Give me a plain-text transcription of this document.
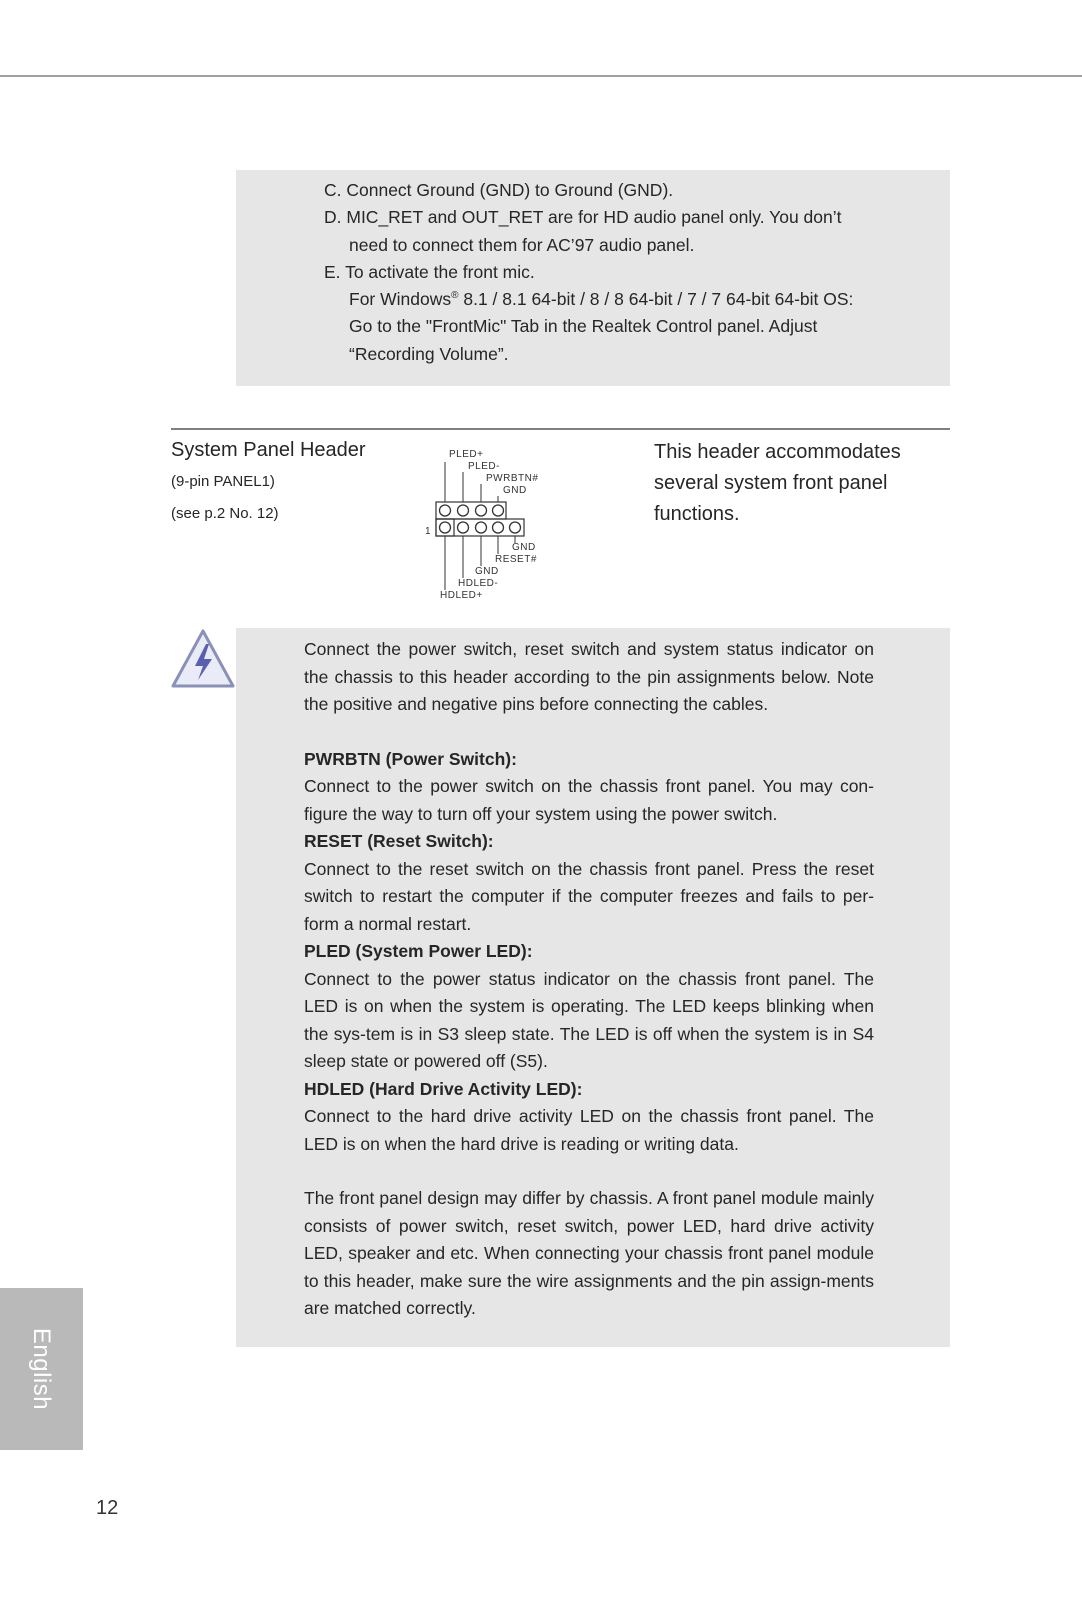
C. Connect Ground (GND) to Ground (GND).
D. MIC_RET and OUT_RET are for HD audio panel only. You don’t
need to connect them for AC’97 audio panel.
E. To activate the front mic.
For Windows® 8.1 / 8.1 64-bit / 8 / 8 64-bit / 7 / 7 64-bit 64-bit OS:
Go to the "FrontMic" Tab in the Realtek Control panel. Adjust
“Recording Volume”.
System Panel Header
(9-pin PANEL1)
(see p.2 No. 12)
This header accommodates several system front panel functions.
PLED+
PLED-
PWRBTN#
GND
1
GND
RESET#
GND
HDLED-
HDLED+
Connect the power switch, reset switch and system status indicator on the chassis to this header according to the pin assignments below. Note the positive and negative pins before connecting the cables.
PWRBTN (Power Switch):
Connect to the power switch on the chassis front panel. You may con-figure the way to turn off your system using the power switch.
RESET (Reset Switch):
Connect to the reset switch on the chassis front panel. Press the reset switch to restart the computer if the computer freezes and fails to per-form a normal restart.
PLED (System Power LED):
Connect to the power status indicator on the chassis front panel. The LED is on when the system is operating. The LED keeps blinking when the sys-tem is in S3 sleep state. The LED is off when the system is in S4 sleep state or powered off (S5).
HDLED (Hard Drive Activity LED):
Connect to the hard drive activity LED on the chassis front panel. The LED is on when the hard drive is reading or writing data.
The front panel design may differ by chassis. A front panel module mainly consists of power switch, reset switch, power LED, hard drive activity LED, speaker and etc. When connecting your chassis front panel module to this header, make sure the wire assignments and the pin assign-ments are matched correctly.
English
12
